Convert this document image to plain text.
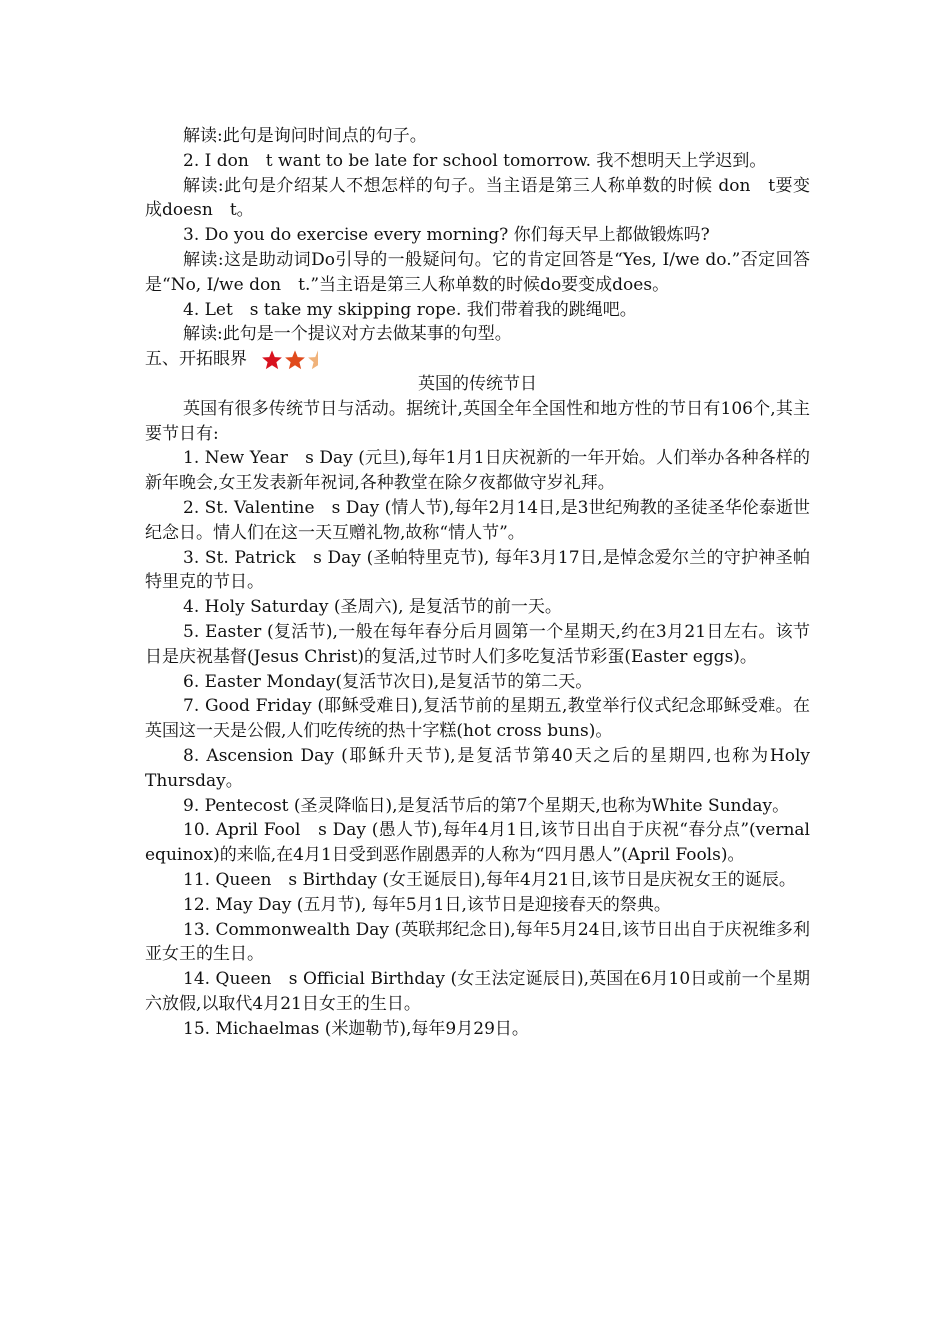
解读:此句是询问时间点的句子。

2. I don　t want to be late for school tomorrow. 我不想明天上学迟到。

解读:此句是介绍某人不想怎样的句子。当主语是第三人称单数的时候 don　t要变成doesn　t。

3. Do you do exercise every morning? 你们每天早上都做锻炼吗?

解读:这是助动词Do引导的一般疑问句。它的肯定回答是“Yes, I/we do.”否定回答是“No, I/we don　t.”当主语是第三人称单数的时候do要变成does。

4. Let　s take my skipping rope. 我们带着我的跳绳吧。

解读:此句是一个提议对方去做某事的句型。

五、开拓眼界

英国的传统节日

英国有很多传统节日与活动。据统计,英国全年全国性和地方性的节日有106个,其主要节日有:

1. New Year　s Day (元旦),每年1月1日庆祝新的一年开始。人们举办各种各样的新年晚会,女王发表新年祝词,各种教堂在除夕夜都做守岁礼拜。

2. St. Valentine　s Day (情人节),每年2月14日,是3世纪殉教的圣徒圣华伦泰逝世纪念日。情人们在这一天互赠礼物,故称“情人节”。

3. St. Patrick　s Day (圣帕特里克节), 每年3月17日,是悼念爱尔兰的守护神圣帕特里克的节日。

4. Holy Saturday (圣周六), 是复活节的前一天。

5. Easter (复活节),一般在每年春分后月圆第一个星期天,约在3月21日左右。该节日是庆祝基督(Jesus Christ)的复活,过节时人们多吃复活节彩蛋(Easter eggs)。

6. Easter Monday(复活节次日),是复活节的第二天。

7. Good Friday (耶稣受难日),复活节前的星期五,教堂举行仪式纪念耶稣受难。在英国这一天是公假,人们吃传统的热十字糕(hot cross buns)。

8. Ascension Day (耶稣升天节),是复活节第40天之后的星期四,也称为Holy Thursday。

9. Pentecost (圣灵降临日),是复活节后的第7个星期天,也称为White Sunday。

10. April Fool　s Day (愚人节),每年4月1日,该节日出自于庆祝“春分点”(vernal equinox)的来临,在4月1日受到恶作剧愚弄的人称为“四月愚人”(April Fools)。

11. Queen　s Birthday (女王诞辰日),每年4月21日,该节日是庆祝女王的诞辰。

12. May Day (五月节), 每年5月1日,该节日是迎接春天的祭典。

13. Commonwealth Day (英联邦纪念日),每年5月24日,该节日出自于庆祝维多利亚女王的生日。

14. Queen　s Official Birthday (女王法定诞辰日),英国在6月10日或前一个星期六放假,以取代4月21日女王的生日。

15. Michaelmas (米迦勒节),每年9月29日。
